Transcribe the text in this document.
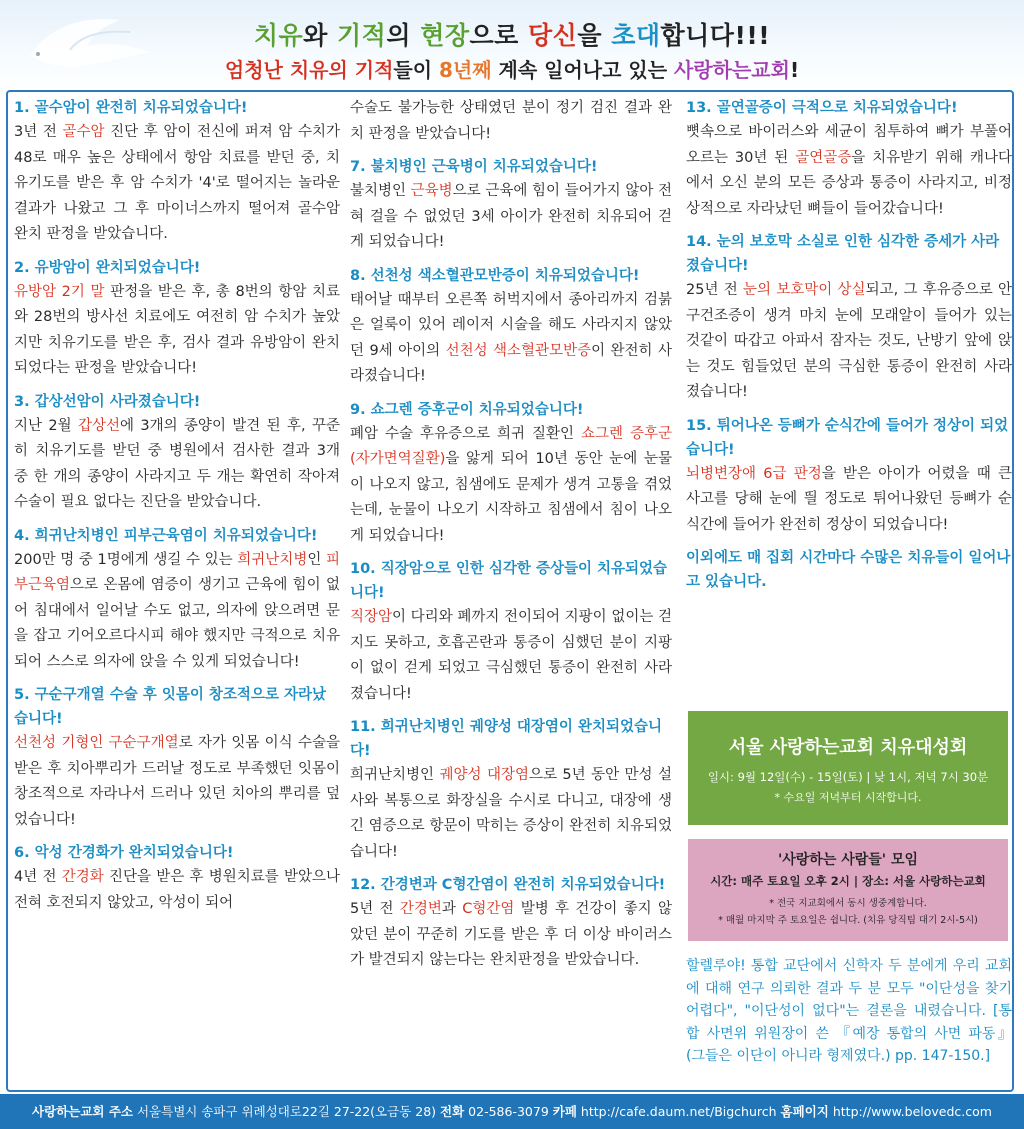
치유와 기적의 현장으로 당신을 초대합니다!!!
엄청난 치유의 기적들이 8년째 계속 일어나고 있는 사랑하는교회!

1. 골수암이 완전히 치유되었습니다!

3년 전 골수암 진단 후 암이 전신에 퍼져 암 수치가 48로 매우 높은 상태에서 항암 치료를 받던 중, 치유기도를 받은 후 암 수치가 '4'로 떨어지는 놀라운 결과가 나왔고 그 후 마이너스까지 떨어져 골수암 완치 판정을 받았습니다.

2. 유방암이 완치되었습니다!

유방암 2기 말 판정을 받은 후, 총 8번의 항암 치료와 28번의 방사선 치료에도 여전히 암 수치가 높았지만 치유기도를 받은 후, 검사 결과 유방암이 완치되었다는 판정을 받았습니다!

3. 갑상선암이 사라졌습니다!

지난 2월 갑상선에 3개의 종양이 발견 된 후, 꾸준히 치유기도를 받던 중 병원에서 검사한 결과 3개 중 한 개의 종양이 사라지고 두 개는 확연히 작아져 수술이 필요 없다는 진단을 받았습니다.

4. 희귀난치병인 피부근육염이 치유되었습니다!

200만 명 중 1명에게 생길 수 있는 희귀난치병인 피부근육염으로 온몸에 염증이 생기고 근육에 힘이 없어 침대에서 일어날 수도 없고, 의자에 앉으려면 문을 잡고 기어오르다시피 해야 했지만 극적으로 치유되어 스스로 의자에 앉을 수 있게 되었습니다!

5. 구순구개열 수술 후 잇몸이 창조적으로 자라났습니다!

선천성 기형인 구순구개열로 자가 잇몸 이식 수술을 받은 후 치아뿌리가 드러날 정도로 부족했던 잇몸이 창조적으로 자라나서 드러나 있던 치아의 뿌리를 덮었습니다!

6. 악성 간경화가 완치되었습니다!

4년 전 간경화 진단을 받은 후 병원치료를 받았으나 전혀 호전되지 않았고, 악성이 되어

수술도 불가능한 상태였던 분이 정기 검진 결과 완치 판정을 받았습니다!

7. 불치병인 근육병이 치유되었습니다!

불치병인 근육병으로 근육에 힘이 들어가지 않아 전혀 걸을 수 없었던 3세 아이가 완전히 치유되어 걷게 되었습니다!

8. 선천성 색소혈관모반증이 치유되었습니다!

태어날 때부터 오른쪽 허벅지에서 종아리까지 검붉은 얼룩이 있어 레이저 시술을 해도 사라지지 않았던 9세 아이의 선천성 색소혈관모반증이 완전히 사라졌습니다!

9. 쇼그렌 증후군이 치유되었습니다!

폐암 수술 후유증으로 희귀 질환인 쇼그렌 증후군(자가면역질환)을 앓게 되어 10년 동안 눈에 눈물이 나오지 않고, 침샘에도 문제가 생겨 고통을 겪었는데, 눈물이 나오기 시작하고 침샘에서 침이 나오게 되었습니다!

10. 직장암으로 인한 심각한 증상들이 치유되었습니다!

직장암이 다리와 폐까지 전이되어 지팡이 없이는 걷지도 못하고, 호흡곤란과 통증이 심했던 분이 지팡이 없이 걷게 되었고 극심했던 통증이 완전히 사라졌습니다!

11. 희귀난치병인 궤양성 대장염이 완치되었습니다!

희귀난치병인 궤양성 대장염으로 5년 동안 만성 설사와 복통으로 화장실을 수시로 다니고, 대장에 생긴 염증으로 항문이 막히는 증상이 완전히 치유되었습니다!

12. 간경변과 C형간염이 완전히 치유되었습니다!

5년 전 간경변과 C형간염 발병 후 건강이 좋지 않았던 분이 꾸준히 기도를 받은 후 더 이상 바이러스가 발견되지 않는다는 완치판정을 받았습니다.

13. 골연골증이 극적으로 치유되었습니다!

뼛속으로 바이러스와 세균이 침투하여 뼈가 부풀어 오르는 30년 된 골연골증을 치유받기 위해 캐나다에서 오신 분의 모든 증상과 통증이 사라지고, 비정상적으로 자라났던 뼈들이 들어갔습니다!

14. 눈의 보호막 소실로 인한 심각한 증세가 사라졌습니다!

25년 전 눈의 보호막이 상실되고, 그 후유증으로 안구건조증이 생겨 마치 눈에 모래알이 들어가 있는 것같이 따갑고 아파서 잠자는 것도, 난방기 앞에 앉는 것도 힘들었던 분의 극심한 통증이 완전히 사라졌습니다!

15. 튀어나온 등뼈가 순식간에 들어가 정상이 되었습니다!

뇌병변장애 6급 판정을 받은 아이가 어렸을 때 큰 사고를 당해 눈에 띌 정도로 튀어나왔던 등뼈가 순식간에 들어가 완전히 정상이 되었습니다!

이외에도 매 집회 시간마다 수많은 치유들이 일어나고 있습니다.

서울 사랑하는교회 치유대성회
일시: 9월 12일(수) - 15일(토) | 낮 1시, 저녁 7시 30분
* 수요일 저녁부터 시작합니다.
'사랑하는 사람들' 모임
시간: 매주 토요일 오후 2시 | 장소: 서울 사랑하는교회
* 전국 지교회에서 동시 생중계합니다.
* 매월 마지막 주 토요일은 쉽니다. (치유 당직팀 대기 2시-5시)

할렐루야! 통합 교단에서 신학자 두 분에게 우리 교회에 대해 연구 의뢰한 결과 두 분 모두 "이단성을 찾기 어렵다", "이단성이 없다"는 결론을 내렸습니다. [통합 사면위 위원장이 쓴 『예장 통합의 사면 파동』 (그들은 이단이 아니라 형제였다.) pp. 147-150.]

사랑하는교회 주소 서울특별시 송파구 위례성대로22길 27-22(오금동 28) 전화 02-586-3079 카페 http://cafe.daum.net/Bigchurch 홈페이지 http://www.belovedc.com
